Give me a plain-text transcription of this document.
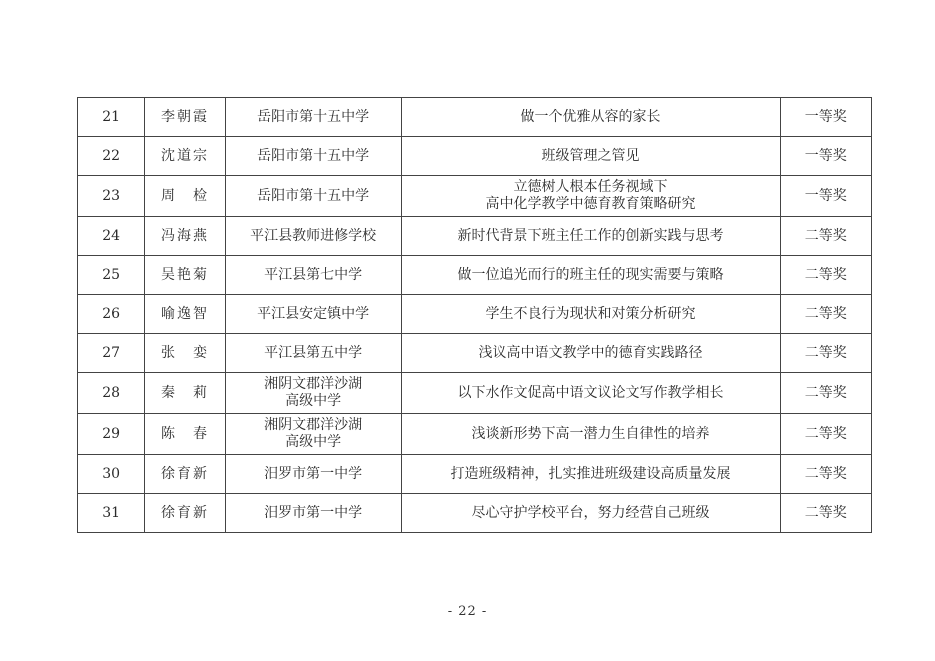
21	李朝霞	岳阳市第十五中学	做一个优雅从容的家长	一等奖
22	沈道宗	岳阳市第十五中学	班级管理之管见	一等奖
23	周　检	岳阳市第十五中学	立德树人根本任务视域下
高中化学教学中德育教育策略研究	一等奖
24	冯海燕	平江县教师进修学校	新时代背景下班主任工作的创新实践与思考	二等奖
25	吴艳菊	平江县第七中学	做一位追光而行的班主任的现实需要与策略	二等奖
26	喻逸智	平江县安定镇中学	学生不良行为现状和对策分析研究	二等奖
27	张　娈	平江县第五中学	浅议高中语文教学中的德育实践路径	二等奖
28	秦　莉	湘阴文郡洋沙湖
高级中学	以下水作文促高中语文议论文写作教学相长	二等奖
29	陈　春	湘阴文郡洋沙湖
高级中学	浅谈新形势下高一潜力生自律性的培养	二等奖
30	徐育新	汨罗市第一中学	打造班级精神，扎实推进班级建设高质量发展	二等奖
31	徐育新	汨罗市第一中学	尽心守护学校平台，努力经营自己班级	二等奖
- 22 -
